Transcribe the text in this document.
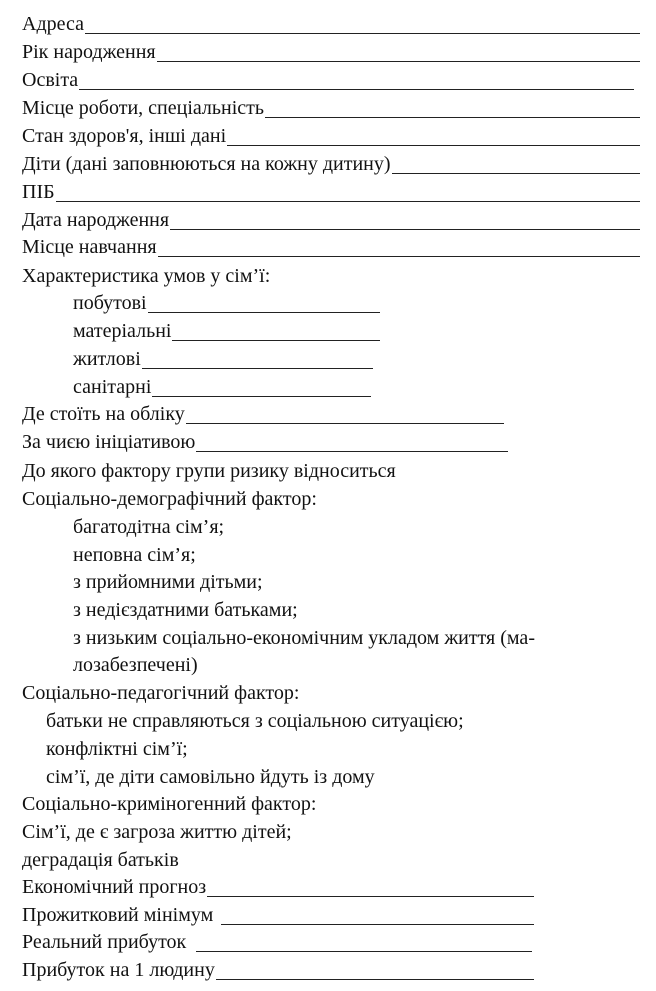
Адреса
Рік народження
Освіта
Місце роботи, спеціальність
Стан здоров'я, інші дані
Діти (дані заповнюються на кожну дитину)
ПІБ
Дата народження
Місце навчання
Характеристика умов у сім’ї:
побутові
матеріальні
житлові
санітарні
Де стоїть на обліку
За чиєю ініціативою
До якого фактору групи ризику відноситься
Соціально-демографічний фактор:
багатодітна сім’я;
неповна сім’я;
з прийомними дітьми;
з недієздатними батьками;
з низьким соціально-економічним укладом життя (ма-
лозабезпечені)
Соціально-педагогічний фактор:
батьки не справляються з соціальною ситуацією;
конфліктні сім’ї;
сім’ї, де діти самовільно йдуть із дому
Соціально-криміногенний фактор:
Сім’ї, де є загроза життю дітей;
деградація батьків
Економічний прогноз
Прожитковий мінімум
Реальний прибуток
Прибуток на 1 людину
